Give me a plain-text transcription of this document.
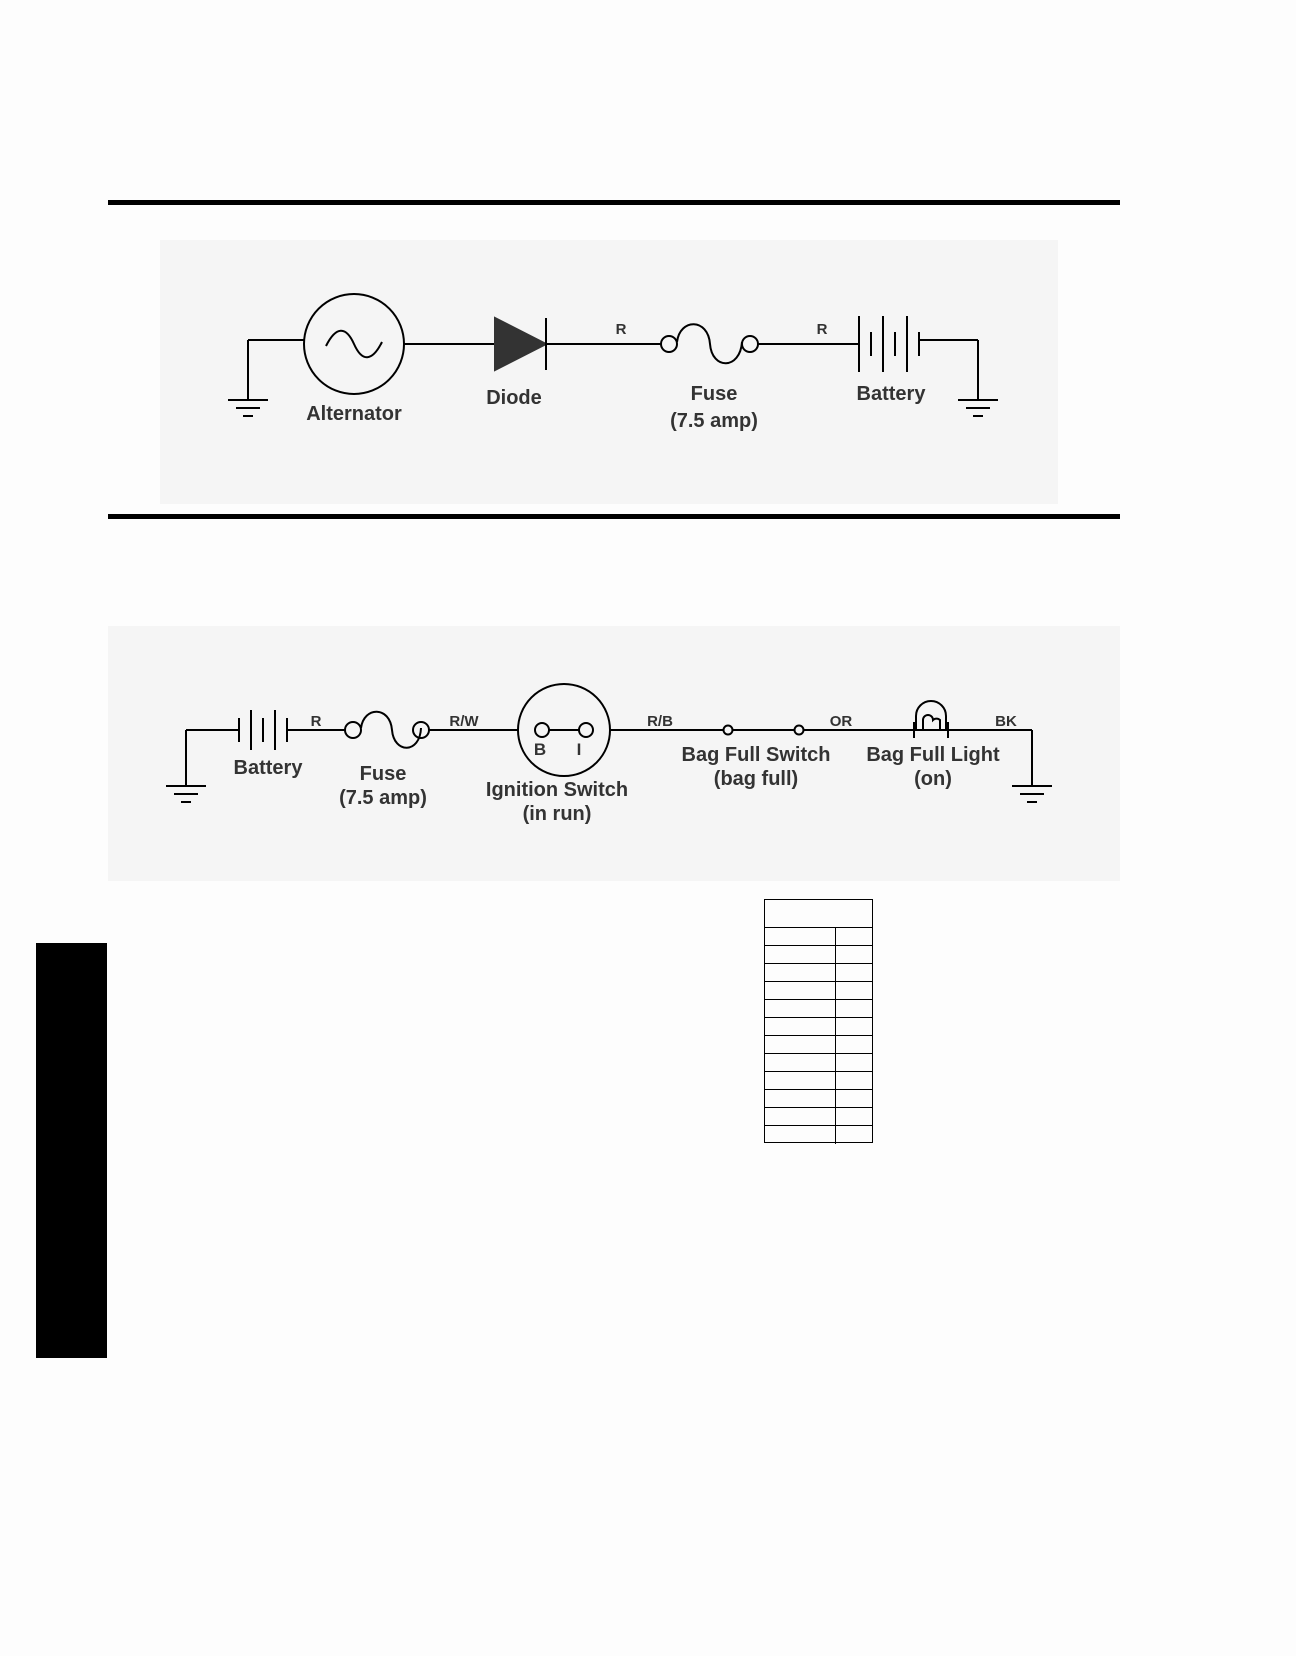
R	R
Alternator
Diode	Fuse
(7.5 amp)
Battery
R	R/W	R/B	OR	BK
B I
Battery	Fuse
(7.5 amp)	Ignition Switch
(in run)
Bag Full Switch
(bag full)
Bag Full Light
(on)
